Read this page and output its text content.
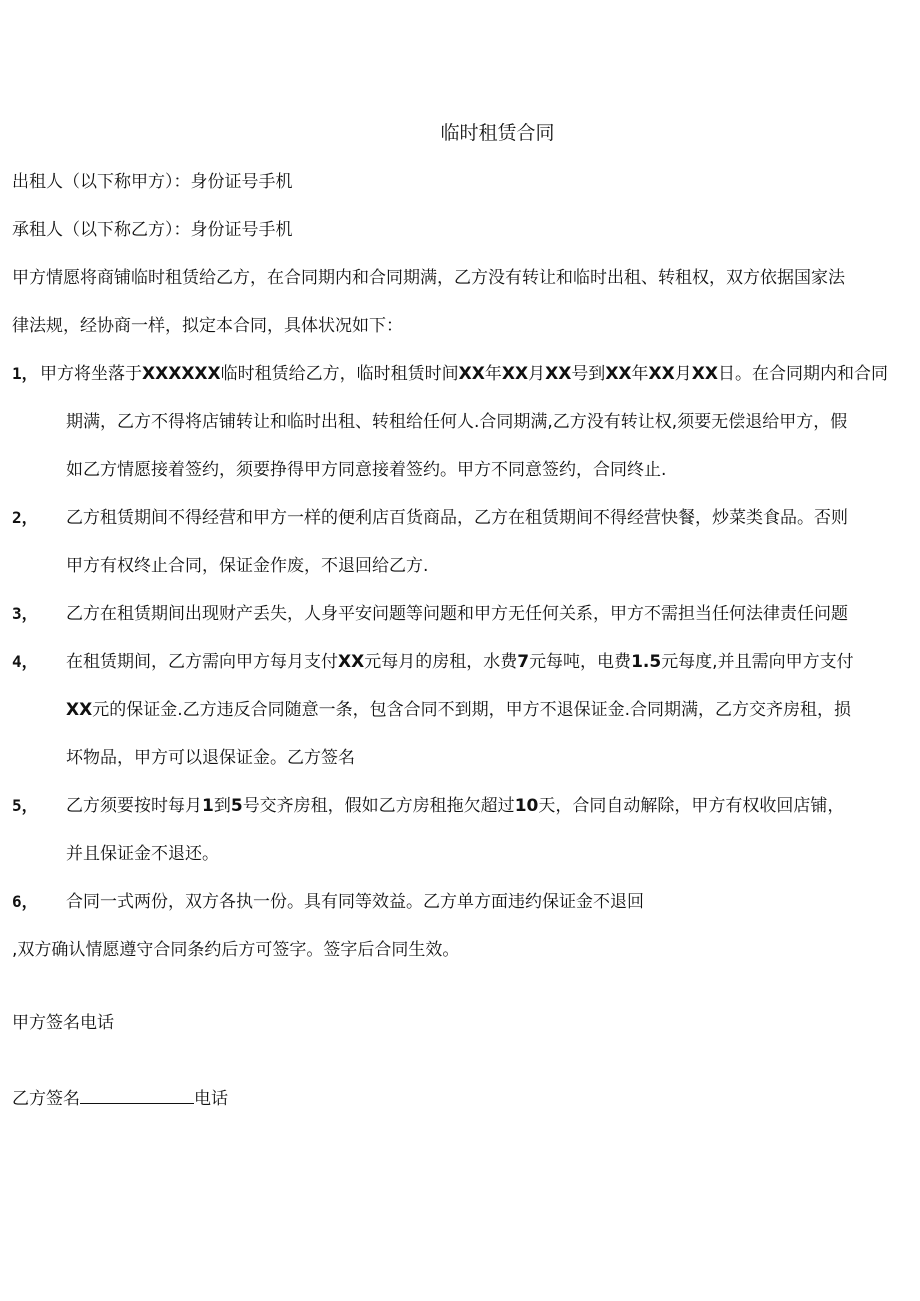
临时租赁合同
出租人（以下称甲方）：身份证号手机
承租人（以下称乙方）：身份证号手机
甲方情愿将商铺临时租赁给乙方，在合同期内和合同期满，乙方没有转让和临时出租、转租权，双方依据国家法
律法规，经协商一样，拟定本合同，具体状况如下：
1， 甲方将坐落于XXXXXX临时租赁给乙方，临时租赁时间XX年XX月XX号到XX年XX月XX日。在合同期内和合同
期满，乙方不得将店铺转让和临时出租、转租给任何人.合同期满,乙方没有转让权,须要无偿退给甲方，假
如乙方情愿接着签约，须要挣得甲方同意接着签约。甲方不同意签约，合同终止.
2， 乙方租赁期间不得经营和甲方一样的便利店百货商品，乙方在租赁期间不得经营快餐，炒菜类食品。否则
甲方有权终止合同，保证金作废，不退回给乙方.
3， 乙方在租赁期间出现财产丢失，人身平安问题等问题和甲方无任何关系，甲方不需担当任何法律责任问题
4， 在租赁期间，乙方需向甲方每月支付XX元每月的房租，水费7元每吨，电费1.5元每度,并且需向甲方支付
XX元的保证金.乙方违反合同随意一条，包含合同不到期，甲方不退保证金.合同期满，乙方交齐房租，损
坏物品，甲方可以退保证金。乙方签名
5， 乙方须要按时每月1到5号交齐房租，假如乙方房租拖欠超过10天，合同自动解除，甲方有权收回店铺，
并且保证金不退还。
6， 合同一式两份，双方各执一份。具有同等效益。乙方单方面违约保证金不退回
,双方确认情愿遵守合同条约后方可签字。签字后合同生效。
甲方签名电话
乙方签名	电话
